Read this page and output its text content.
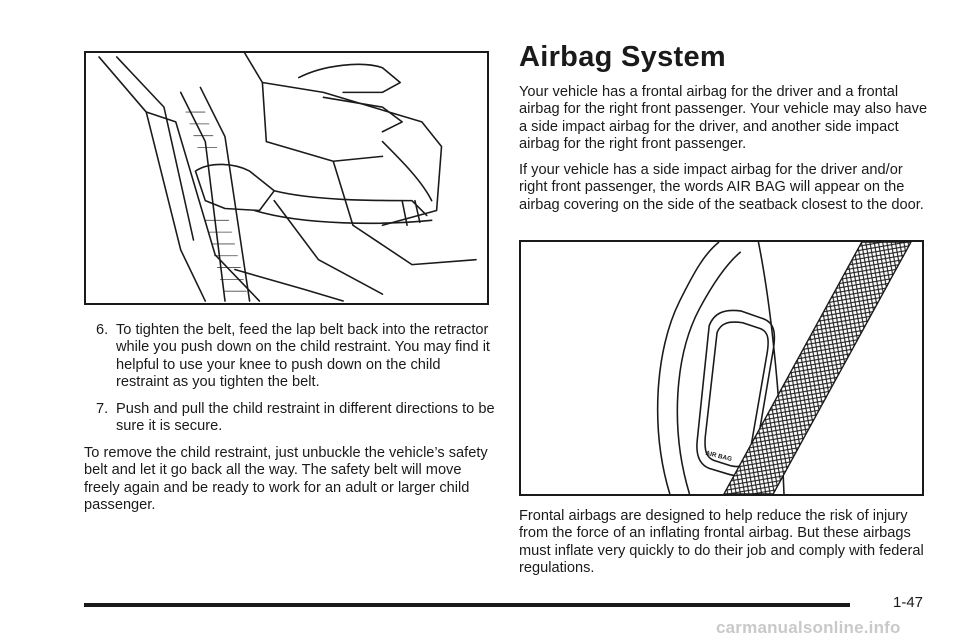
6. To tighten the belt, feed the lap belt back into the retractor while you push down on the child restraint. You may find it helpful to use your knee to push down on the child restraint as you tighten the belt.
7. Push and pull the child restraint in different directions to be sure it is secure.

To remove the child restraint, just unbuckle the vehicle’s safety belt and let it go back all the way. The safety belt will move freely again and be ready to work for an adult or larger child passenger.

Airbag System

Your vehicle has a frontal airbag for the driver and a frontal airbag for the right front passenger. Your vehicle may also have a side impact airbag for the driver, and another side impact airbag for the right front passenger.

If your vehicle has a side impact airbag for the driver and/or right front passenger, the words AIR BAG will appear on the airbag covering on the side of the seatback closest to the door.

AIR BAG

Frontal airbags are designed to help reduce the risk of injury from the force of an inflating frontal airbag. But these airbags must inflate very quickly to do their job and comply with federal regulations.

1-47
carmanualsonline.info
